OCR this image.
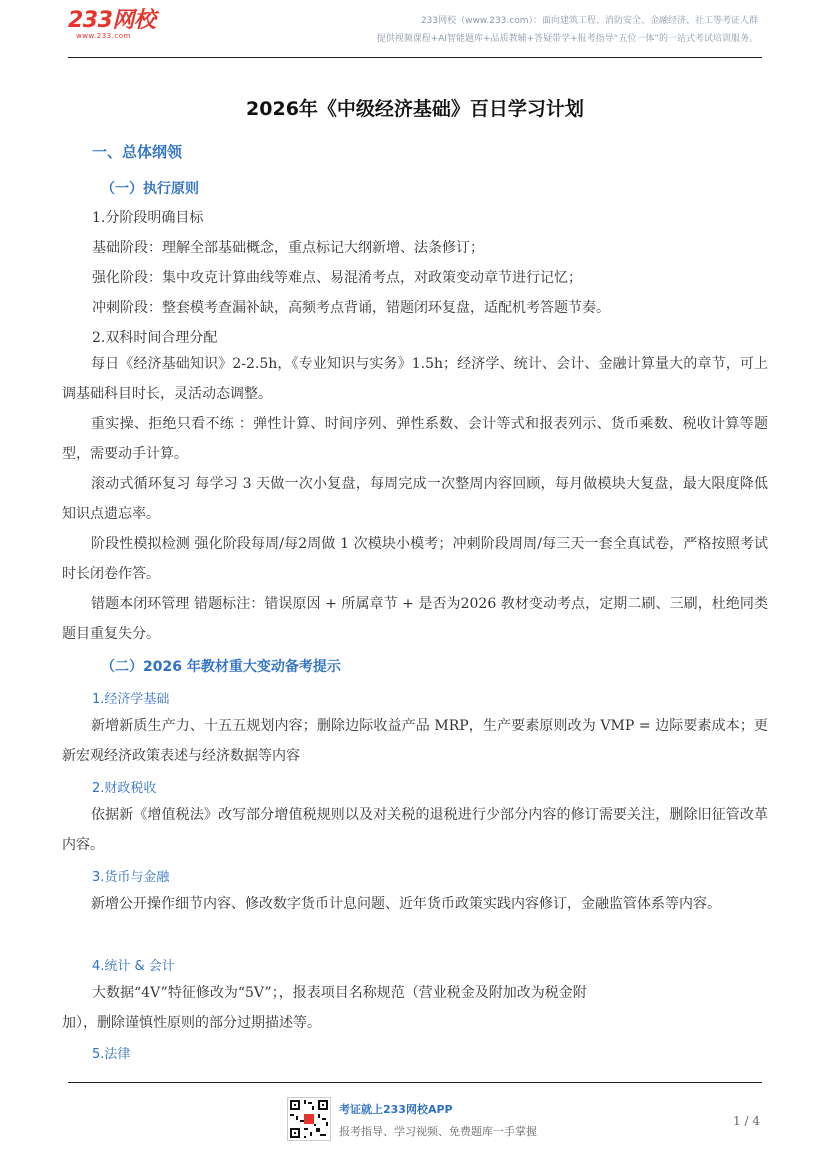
233网校
www.233.com
233网校（www.233.com）：面向建筑工程、消防安全、金融经济、社工等考证人群
提供视频课程+AI智能题库+品质教辅+答疑带学+报考指导“五位一体”的一站式考试培训服务。
2026年《中级经济基础》百日学习计划
一、总体纲领
（一）执行原则
1.分阶段明确目标
基础阶段：理解全部基础概念，重点标记大纲新增、法条修订；
强化阶段：集中攻克计算曲线等难点、易混淆考点，对政策变动章节进行记忆；
冲刺阶段：整套模考查漏补缺，高频考点背诵，错题闭环复盘，适配机考答题节奏。
2.双科时间合理分配
每日《经济基础知识》2-2.5h，《专业知识与实务》1.5h；经济学、统计、会计、金融计算量大的章节，可上调基础科目时长，灵活动态调整。
重实操、拒绝只看不练 ：弹性计算、时间序列、弹性系数、会计等式和报表列示、货币乘数、税收计算等题型，需要动手计算。
滚动式循环复习 每学习 3 天做一次小复盘，每周完成一次整周内容回顾，每月做模块大复盘，最大限度降低知识点遗忘率。
阶段性模拟检测 强化阶段每周/每2周做 1 次模块小模考；冲刺阶段周周/每三天一套全真试卷，严格按照考试时长闭卷作答。
错题本闭环管理 错题标注：错误原因 + 所属章节 + 是否为2026 教材变动考点，定期二刷、三刷，杜绝同类题目重复失分。
（二）2026 年教材重大变动备考提示
1.经济学基础
新增新质生产力、十五五规划内容；删除边际收益产品 MRP，生产要素原则改为 VMP = 边际要素成本；更新宏观经济政策表述与经济数据等内容
2.财政税收
依据新《增值税法》改写部分增值税规则以及对关税的退税进行少部分内容的修订需要关注，删除旧征管改革内容。
3.货币与金融
新增公开操作细节内容、修改数字货币计息问题、近年货币政策实践内容修订，金融监管体系等内容。
4.统计 & 会计
大数据“4V”特征修改为“5V”；，报表项目名称规范（营业税金及附加改为税金附
加），删除谨慎性原则的部分过期描述等。
5.法律
考证就上233网校APP
报考指导、学习视频、免费题库一手掌握
1 / 4
